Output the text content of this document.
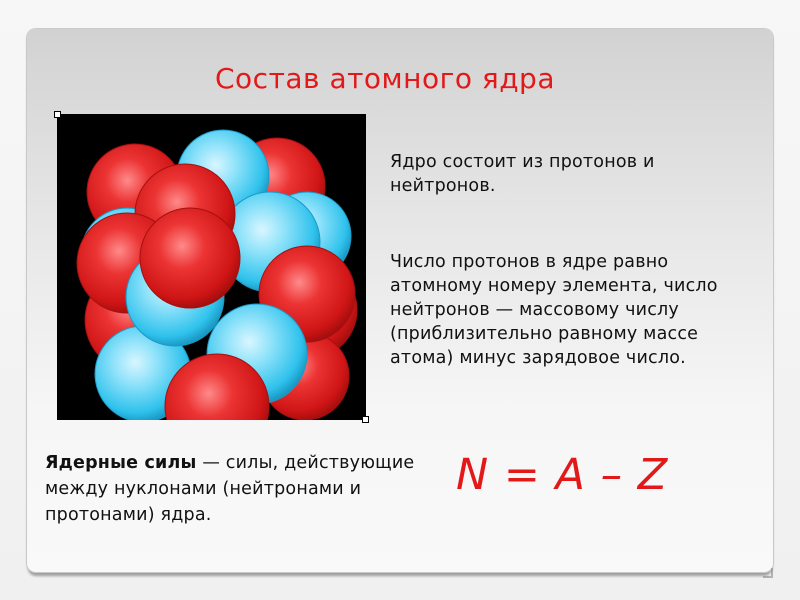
Состав атомного ядра
Ядро состоит из протонов и нейтронов.
Число протонов в ядре равно атомному номеру элемента, число нейтронов — массовому числу (приблизительно равному массе атома) минус зарядовое число.
Ядерные силы — силы, действующие между нуклонами (нейтронами и протонами) ядра.
N = A – Z
